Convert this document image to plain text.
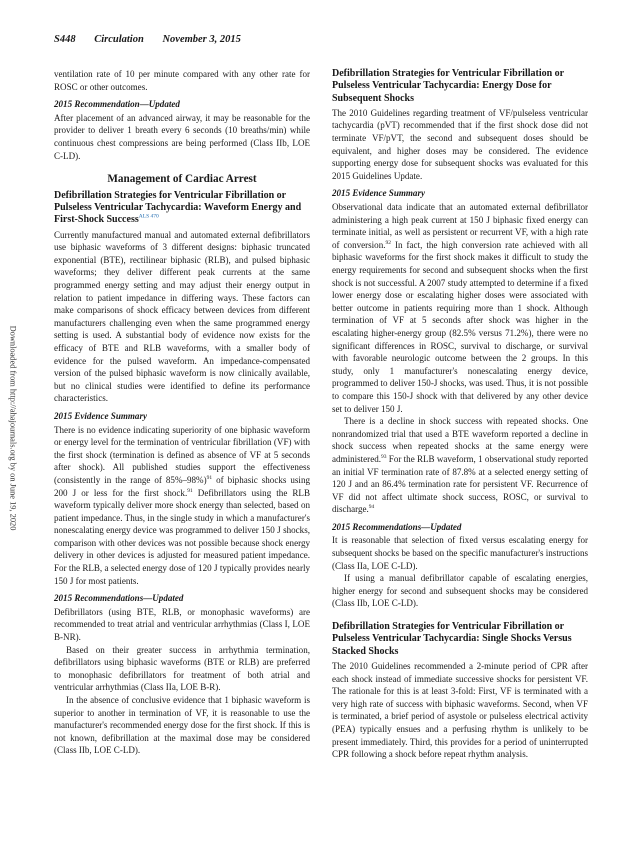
S448 Circulation November 3, 2015
Downloaded from http://ahajournals.org by on June 19, 2020

ventilation rate of 10 per minute compared with any other rate for ROSC or other outcomes.

2015 Recommendation—Updated

After placement of an advanced airway, it may be reasonable for the provider to deliver 1 breath every 6 seconds (10 breaths/min) while continuous chest compressions are being performed (Class IIb, LOE C-LD).

Management of Cardiac Arrest
Defibrillation Strategies for Ventricular Fibrillation or Pulseless Ventricular Tachycardia: Waveform Energy and First-Shock Success$^{ALS 470}$

Currently manufactured manual and automated external defibrillators use biphasic waveforms of 3 different designs: biphasic truncated exponential (BTE), rectilinear biphasic (RLB), and pulsed biphasic waveforms; they deliver different peak currents at the same programmed energy setting and may adjust their energy output in relation to patient impedance in differing ways. These factors can make comparisons of shock efficacy between devices from different manufacturers challenging even when the same programmed energy setting is used. A substantial body of evidence now exists for the efficacy of BTE and RLB waveforms, with a smaller body of evidence for the pulsed waveform. An impedance-compensated version of the pulsed biphasic waveform is now clinically available, but no clinical studies were identified to define its performance characteristics.

2015 Evidence Summary

There is no evidence indicating superiority of one biphasic waveform or energy level for the termination of ventricular fibrillation (VF) with the first shock (termination is defined as absence of VF at 5 seconds after shock). All published studies support the effectiveness (consistently in the range of 85%–98%)$^{91}$ of biphasic shocks using 200 J or less for the first shock.$^{91}$ Defibrillators using the RLB waveform typically deliver more shock energy than selected, based on patient impedance. Thus, in the single study in which a manufacturer's nonescalating energy device was programmed to deliver 150 J shocks, comparison with other devices was not possible because shock energy delivery in other devices is adjusted for measured patient impedance. For the RLB, a selected energy dose of 120 J typically provides nearly 150 J for most patients.

2015 Recommendations—Updated

Defibrillators (using BTE, RLB, or monophasic waveforms) are recommended to treat atrial and ventricular arrhythmias (Class I, LOE B-NR).

Based on their greater success in arrhythmia termination, defibrillators using biphasic waveforms (BTE or RLB) are preferred to monophasic defibrillators for treatment of both atrial and ventricular arrhythmias (Class IIa, LOE B-R).

In the absence of conclusive evidence that 1 biphasic waveform is superior to another in termination of VF, it is reasonable to use the manufacturer's recommended energy dose for the first shock. If this is not known, defibrillation at the maximal dose may be considered (Class IIb, LOE C-LD).

Defibrillation Strategies for Ventricular Fibrillation or Pulseless Ventricular Tachycardia: Energy Dose for Subsequent Shocks

The 2010 Guidelines regarding treatment of VF/pulseless ventricular tachycardia (pVT) recommended that if the first shock dose did not terminate VF/pVT, the second and subsequent doses should be equivalent, and higher doses may be considered. The evidence supporting energy dose for subsequent shocks was evaluated for this 2015 Guidelines Update.

2015 Evidence Summary

Observational data indicate that an automated external defibrillator administering a high peak current at 150 J biphasic fixed energy can terminate initial, as well as persistent or recurrent VF, with a high rate of conversion.$^{92}$ In fact, the high conversion rate achieved with all biphasic waveforms for the first shock makes it difficult to study the energy requirements for second and subsequent shocks when the first shock is not successful. A 2007 study attempted to determine if a fixed lower energy dose or escalating higher doses were associated with better outcome in patients requiring more than 1 shock. Although termination of VF at 5 seconds after shock was higher in the escalating higher-energy group (82.5% versus 71.2%), there were no significant differences in ROSC, survival to discharge, or survival with favorable neurologic outcome between the 2 groups. In this study, only 1 manufacturer's nonescalating energy device, programmed to deliver 150-J shocks, was used. Thus, it is not possible to compare this 150-J shock with that delivered by any other device set to deliver 150 J.

There is a decline in shock success with repeated shocks. One nonrandomized trial that used a BTE waveform reported a decline in shock success when repeated shocks at the same energy were administered.$^{93}$ For the RLB waveform, 1 observational study reported an initial VF termination rate of 87.8% at a selected energy setting of 120 J and an 86.4% termination rate for persistent VF. Recurrence of VF did not affect ultimate shock success, ROSC, or survival to discharge.$^{94}$

2015 Recommendations—Updated

It is reasonable that selection of fixed versus escalating energy for subsequent shocks be based on the specific manufacturer's instructions (Class IIa, LOE C-LD).

If using a manual defibrillator capable of escalating energies, higher energy for second and subsequent shocks may be considered (Class IIb, LOE C-LD).

Defibrillation Strategies for Ventricular Fibrillation or Pulseless Ventricular Tachycardia: Single Shocks Versus Stacked Shocks

The 2010 Guidelines recommended a 2-minute period of CPR after each shock instead of immediate successive shocks for persistent VF. The rationale for this is at least 3-fold: First, VF is terminated with a very high rate of success with biphasic waveforms. Second, when VF is terminated, a brief period of asystole or pulseless electrical activity (PEA) typically ensues and a perfusing rhythm is unlikely to be present immediately. Third, this provides for a period of uninterrupted CPR following a shock before repeat rhythm analysis.
